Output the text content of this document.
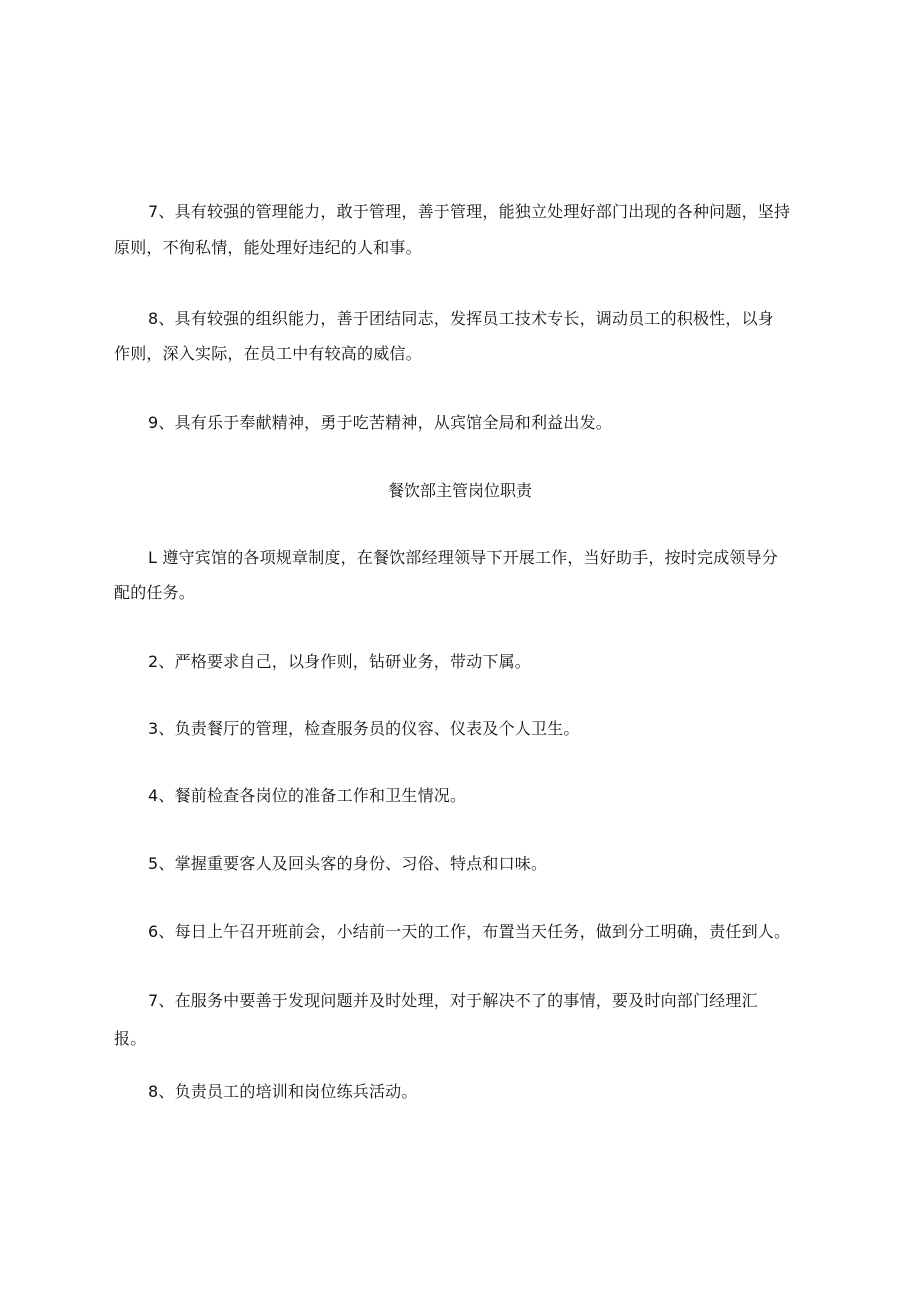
7、具有较强的管理能力，敢于管理，善于管理，能独立处理好部门出现的各种问题，坚持
原则，不徇私情，能处理好违纪的人和事。
8、具有较强的组织能力，善于团结同志，发挥员工技术专长，调动员工的积极性，以身
作则，深入实际，在员工中有较高的威信。
9、具有乐于奉献精神，勇于吃苦精神，从宾馆全局和利益出发。
餐饮部主管岗位职责
L 遵守宾馆的各项规章制度，在餐饮部经理领导下开展工作，当好助手，按时完成领导分
配的任务。
2、严格要求自己，以身作则，钻研业务，带动下属。
3、负责餐厅的管理，检查服务员的仪容、仪表及个人卫生。
4、餐前检查各岗位的准备工作和卫生情况。
5、掌握重要客人及回头客的身份、习俗、特点和口味。
6、每日上午召开班前会，小结前一天的工作，布置当天任务，做到分工明确，责任到人。
7、在服务中要善于发现问题并及时处理，对于解决不了的事情，要及时向部门经理汇
报。
8、负责员工的培训和岗位练兵活动。
